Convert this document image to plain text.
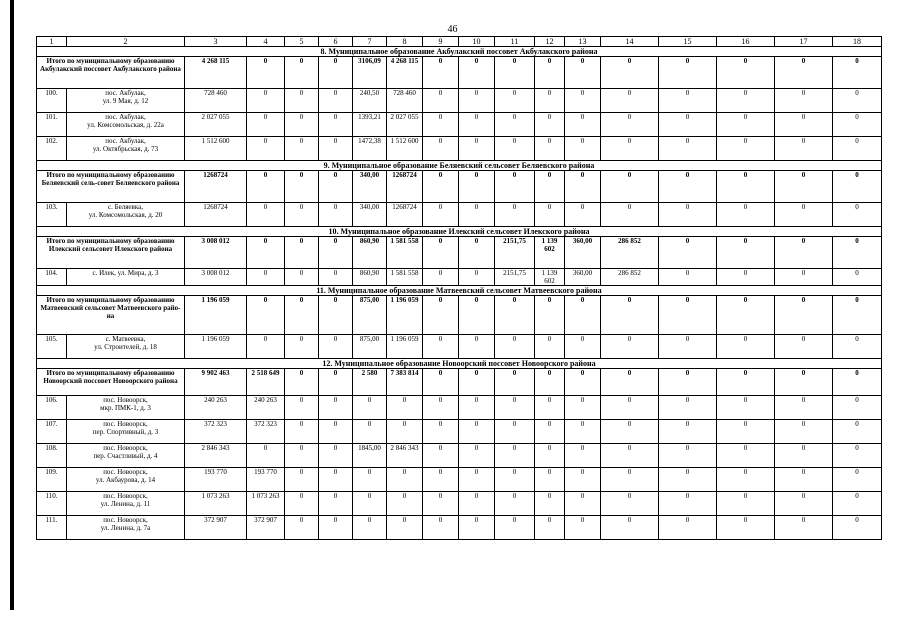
46
1	2	3	4	5	6	7	8	9	10	11	12	13	14	15	16	17	18
8. Муниципальное образование Акбулакский поссовет Акбулакского района																	
Итого по муниципальному образованию Акбулакский поссовет Акбулакского района		4 268 115	0	0	0	3106,09	4 268 115	0	0	0	0	0	0	0	0	0	0
100.	пос. Акбулак,
ул. 9 Мая, д. 12	728 460	0	0	0	240,50	728 460	0	0	0	0	0	0	0	0	0	0
101.	пос. Акбулак,
ул. Комсомольская, д. 22а	2 027 055	0	0	0	1393,21	2 027 055	0	0	0	0	0	0	0	0	0	0
102.	пос. Акбулак,
ул. Октябрьская, д. 73	1 512 600	0	0	0	1472,38	1 512 600	0	0	0	0	0	0	0	0	0	0
9. Муниципальное образование Беляевский сельсовет Беляевского района																	
Итого по муниципальному образованию Беляевский сель-совет Беляевского района		1268724	0	0	0	340,00	1268724	0	0	0	0	0	0	0	0	0	0
103.	с. Беляевка,
ул. Комсомольская, д. 20	1268724	0	0	0	340,00	1268724	0	0	0	0	0	0	0	0	0	0
10. Муниципальное образование Илекский сельсовет Илекского района																	
Итого по муниципальному образованию Илекский сельсовет Илекского района		3 008 012	0	0	0	860,90	1 581 558	0	0	2151,75	1 139 602	360,00	286 852	0	0	0	0
104.	с. Илек, ул. Мира, д. 3	3 008 012	0	0	0	860,90	1 581 558	0	0	2151,75	1 139 602	360,00	286 852	0	0	0	0
11. Муниципальное образование Матвеевский сельсовет Матвеевского района																	
Итого по муниципальному образованию Матвеевский сельсовет Матвеевского райо-на		1 196 059	0	0	0	875,00	1 196 059	0	0	0	0	0	0	0	0	0	0
105.	с. Матвеевка,
ул. Строителей, д. 18	1 196 059	0	0	0	875,00	1 196 059	0	0	0	0	0	0	0	0	0	0
12. Муниципальное образование Новоорский поссовет Новоорского района																	
Итого по муниципальному образованию Новоорский поссовет Новоорского района		9 902 463	2 518 649	0	0	2 580	7 383 814	0	0	0	0	0	0	0	0	0	0
106.	пос. Новоорск,
мкр. ПМК-1, д. 3	240 263	240 263	0	0	0	0	0	0	0	0	0	0	0	0	0	0
107.	пос. Новоорск,
пер. Спортивный, д. 3	372 323	372 323	0	0	0	0	0	0	0	0	0	0	0	0	0	0
108.	пос. Новоорск,
пер. Счастливый, д. 4	2 846 343	0	0	0	1845,00	2 846 343	0	0	0	0	0	0	0	0	0	0
109.	пос. Новоорск,
ул. Акбаурова, д. 14	193 770	193 770	0	0	0	0	0	0	0	0	0	0	0	0	0	0
110.	пос. Новоорск,
ул. Ленина, д. 11	1 073 263	1 073 263	0	0	0	0	0	0	0	0	0	0	0	0	0	0
111.	пос. Новоорск,
ул. Ленина, д. 7а	372 907	372 907	0	0	0	0	0	0	0	0	0	0	0	0	0	0
